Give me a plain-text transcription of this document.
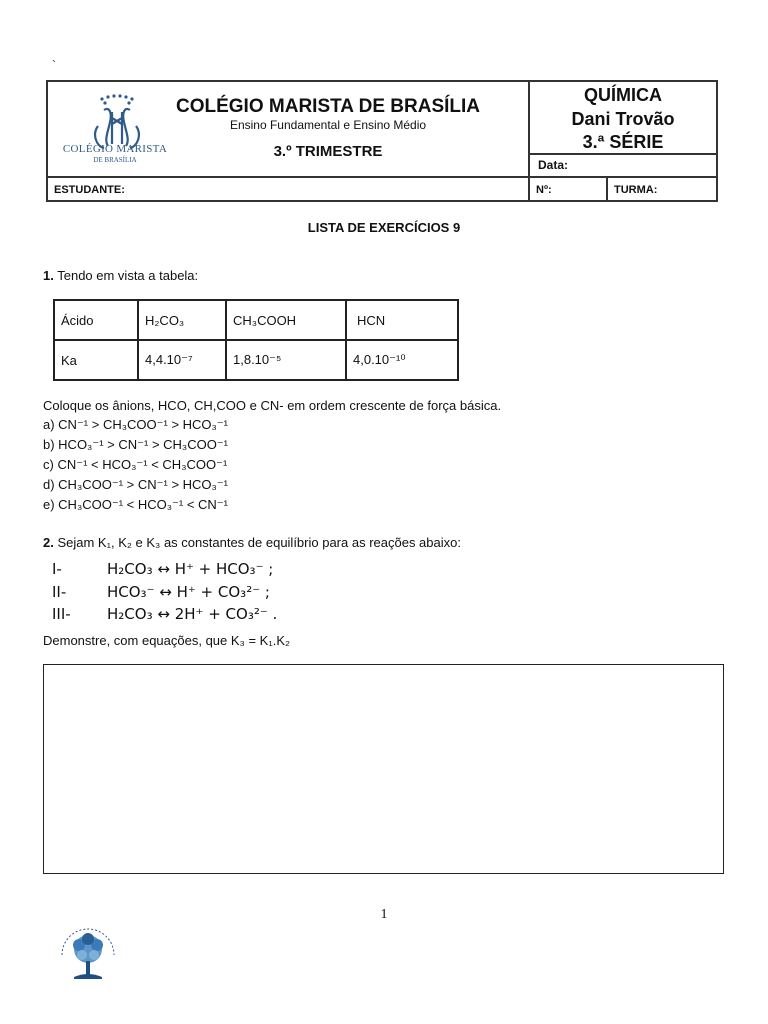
`
COLÉGIO MARISTA
DE BRASÍLIA
COLÉGIO MARISTA DE BRASÍLIA
Ensino Fundamental e Ensino Médio
3.º TRIMESTRE
QUÍMICA
Dani Trovão
3.ª SÉRIE
Data:
ESTUDANTE:	Nº:	TURMA:
LISTA DE EXERCÍCIOS 9
1. Tendo em vista a tabela:
Ácido	H₂CO₃	CH₃COOH	HCN
Ka	4,4.10⁻⁷	1,8.10⁻⁵	4,0.10⁻¹⁰
Coloque os ânions, HCO, CH,COO e CN- em ordem crescente de força básica.
a) CN⁻¹ > CH₃COO⁻¹ > HCO₃⁻¹
b) HCO₃⁻¹ > CN⁻¹ > CH₃COO⁻¹
c) CN⁻¹ < HCO₃⁻¹ < CH₃COO⁻¹
d) CH₃COO⁻¹ > CN⁻¹ > HCO₃⁻¹
e) CH₃COO⁻¹ < HCO₃⁻¹ < CN⁻¹
2. Sejam K₁, K₂ e K₃ as constantes de equilíbrio para as reações abaixo:
I-	H₂CO₃ ↔ H⁺ + HCO₃⁻ ;
II-	HCO₃⁻ ↔ H⁺ + CO₃²⁻ ;
III- H₂CO₃ ↔ 2H⁺ + CO₃²⁻ .
Demonstre, com equações, que K₃ = K₁.K₂
1
